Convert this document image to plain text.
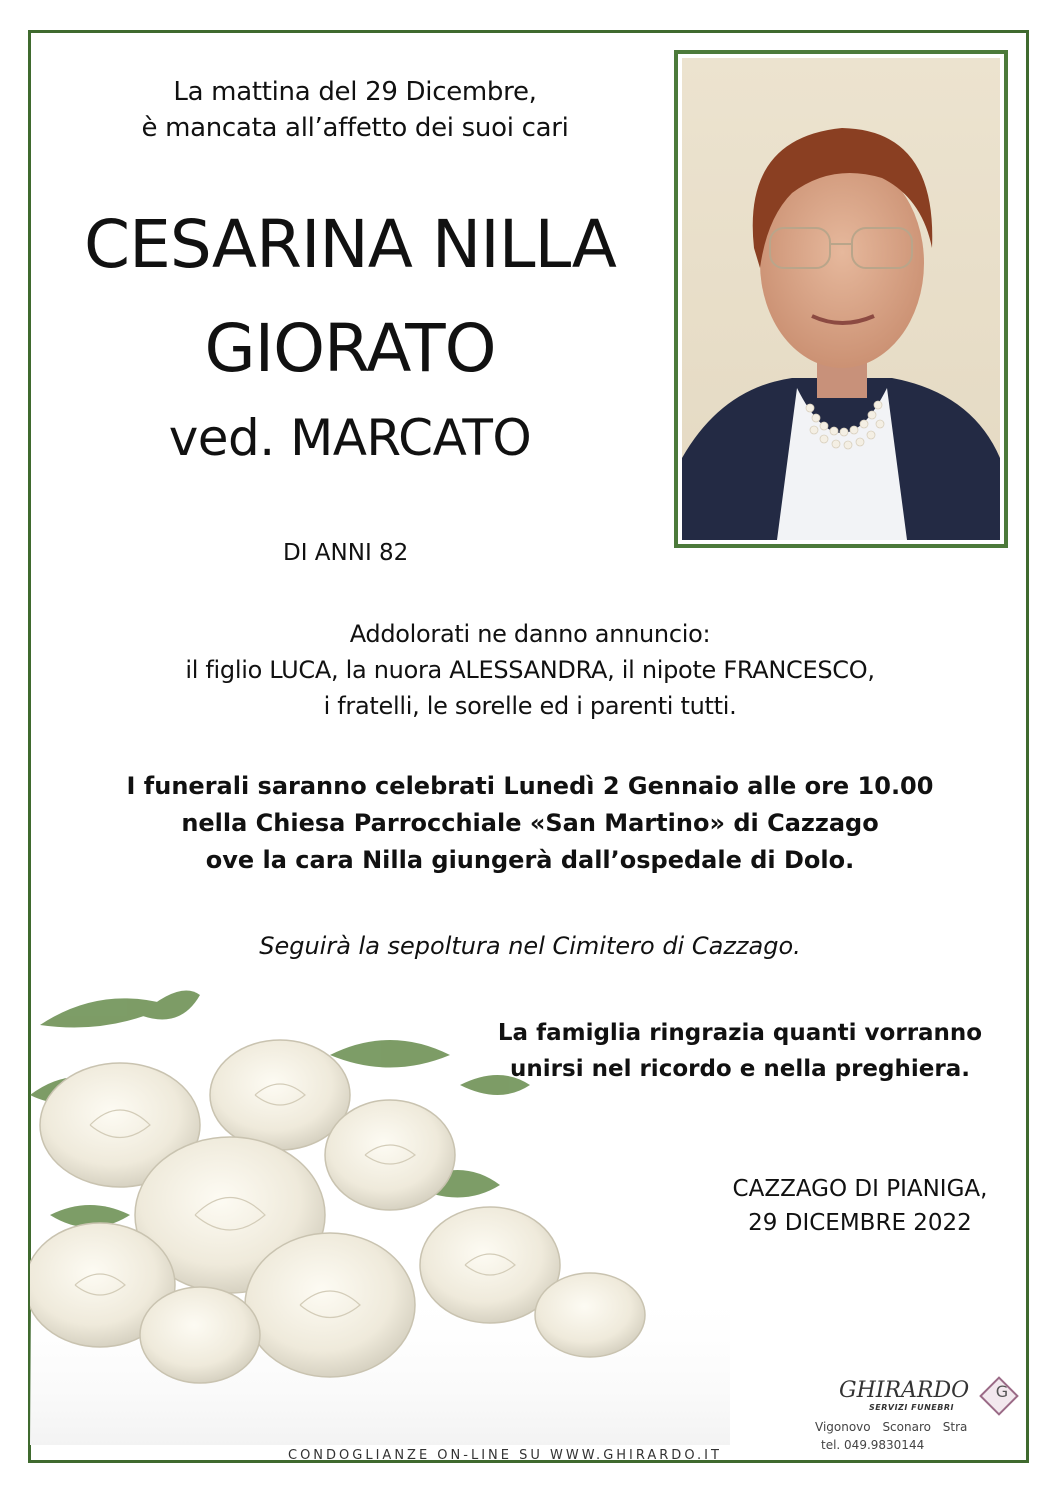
La mattina del 29 Dicembre,
è mancata all’affetto dei suoi cari
CESARINA NILLA
GIORATO
ved. MARCATO
DI ANNI 82
Addolorati ne danno annuncio:
il figlio LUCA, la nuora ALESSANDRA, il nipote FRANCESCO,
i fratelli, le sorelle ed i parenti tutti.
I funerali saranno celebrati Lunedì 2 Gennaio alle ore 10.00
nella Chiesa Parrocchiale «San Martino» di Cazzago
ove la cara Nilla giungerà dall’ospedale di Dolo.
Seguirà la sepoltura nel Cimitero di Cazzago.
La famiglia ringrazia quanti vorranno
unirsi nel ricordo e nella preghiera.
CAZZAGO DI PIANIGA,
29 DICEMBRE 2022
GHIRARDO
SERVIZI FUNEBRI
G
Vigonovo Sconaro Stra
tel. 049.9830144
CONDOGLIANZE ON-LINE SU WWW.GHIRARDO.IT
